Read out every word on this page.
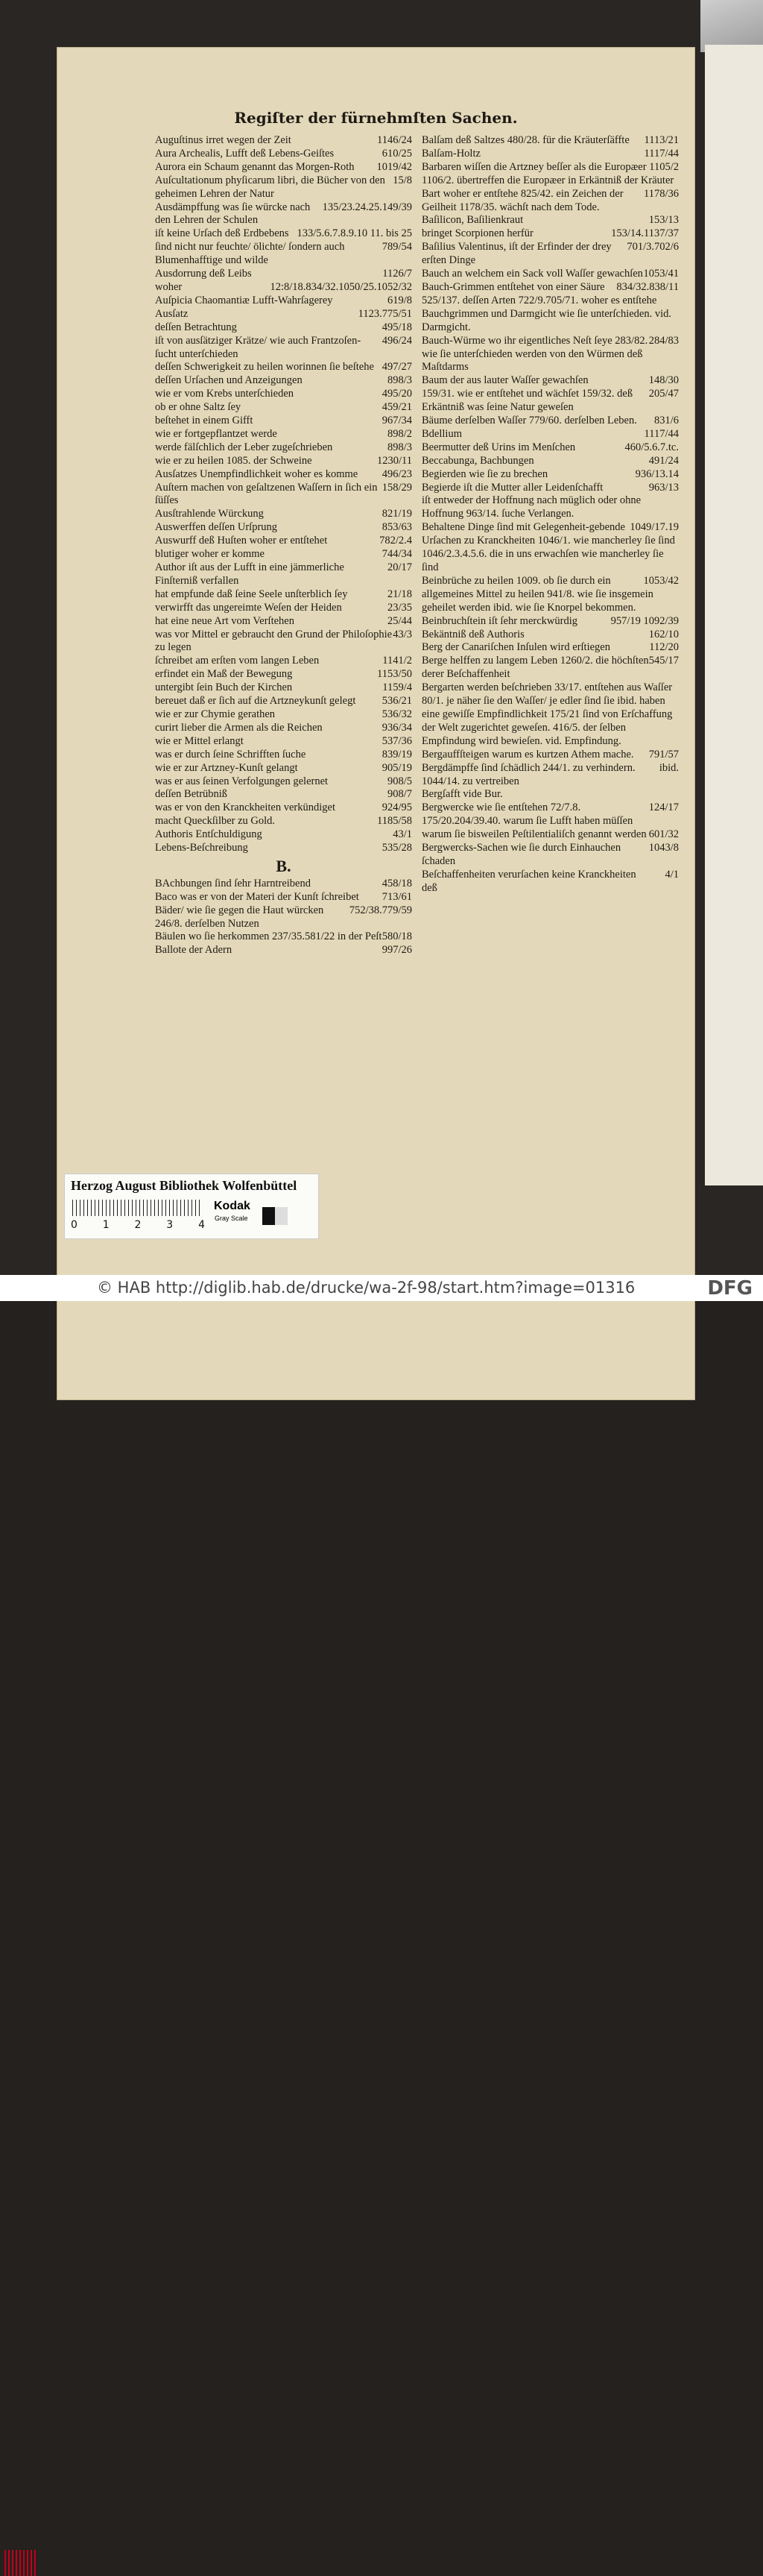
Regiſter der fürnehmſten Sachen.
1146/24
Auguſtinus irret wegen der Zeit
610/25
Aura Archealis, Lufft deß Lebens-Geiſtes
1019/42
Aurora ein Schaum genannt das Morgen-Roth
15/8
Auſcultationum phyſicarum libri, die Bücher von den geheimen Lehren der Natur
135/23.24.25.149/39
Ausdämpffung was ſie würcke nach den Lehren der Schulen
133/5.6.7.8.9.10 11. bis 25
iſt keine Urſach deß Erdbebens
789/54
ſind nicht nur feuchte/ ölichte/ ſondern auch Blumenhafftige und wilde
1126/7
Ausdorrung deß Leibs
12:8/18.834/32.1050/25.1052/32
woher
619/8
Auſpicia Chaomantiæ Lufft-Wahrſagerey
1123.775/51
Ausſatz
495/18
deſſen Betrachtung
496/24
iſt von ausſätziger Krätze/ wie auch Frantzoſen-ſucht unterſchieden
497/27
deſſen Schwerigkeit zu heilen worinnen ſie beſtehe
898/3
deſſen Urſachen und Anzeigungen
495/20
wie er vom Krebs unterſchieden
459/21
ob er ohne Saltz ſey
967/34
beſtehet in einem Gifft
898/2
wie er fortgepflantzet werde
898/3
werde fälſchlich der Leber zugeſchrieben
1230/11
wie er zu heilen 1085. der Schweine
496/23
Ausſatzes Unempfindlichkeit woher es komme
158/29
Auſtern machen von geſaltzenen Waſſern in ſich ein ſüſſes
821/19
Ausſtrahlende Würckung
853/63
Auswerffen deſſen Urſprung
782/2.4
Auswurff deß Huſten woher er entſtehet
744/34
blutiger woher er komme
20/17
Author iſt aus der Lufft in eine jämmerliche Finſterniß verfallen
21/18
hat empfunde daß ſeine Seele unſterblich ſey
23/35
verwirfft das ungereimte Weſen der Heiden
25/44
hat eine neue Art vom Verſtehen
43/3
was vor Mittel er gebraucht den Grund der Philoſophie zu legen
1141/2
ſchreibet am erſten vom langen Leben
1153/50
erfindet ein Maß der Bewegung
1159/4
untergibt ſein Buch der Kirchen
536/21
bereuet daß er ſich auf die Artzneykunſt gelegt
536/32
wie er zur Chymie gerathen
936/34
curirt lieber die Armen als die Reichen
537/36
wie er Mittel erlangt
839/19
was er durch ſeine Schrifften ſuche
905/19
wie er zur Artzney-Kunſt gelangt
908/5
was er aus ſeinen Verfolgungen gelernet
908/7
deſſen Betrübniß
924/95
was er von den Kranckheiten verkündiget
1185/58
macht Queckſilber zu Gold.
43/1
Authoris Entſchuldigung
535/28
Lebens-Beſchreibung
B.
458/18
BAchbungen ſind ſehr Harntreibend
713/61
Baco was er von der Materi der Kunſt ſchreibet
752/38.779/59
Bäder/ wie ſie gegen die Haut würcken 246/8. derſelben Nutzen
580/18
Bäulen wo ſie herkommen 237/35.581/22 in der Peſt
997/26
Ballote der Adern
1113/21
Balſam deß Saltzes 480/28. für die Kräuterſäffte
1117/44
Balſam-Holtz
1105/2
Barbaren wiſſen die Artzney beſſer als die Europæer 1106/2. übertreffen die Europæer in Erkäntniß der Kräuter
1178/36
Bart woher er entſtehe 825/42. ein Zeichen der Geilheit 1178/35. wächſt nach dem Tode.
153/13
Baſilicon, Baſilienkraut
153/14.1137/37
bringet Scorpionen herfür
701/3.702/6
Baſilius Valentinus, iſt der Erfinder der drey erſten Dinge
1053/41
Bauch an welchem ein Sack voll Waſſer gewachſen
834/32.838/11
Bauch-Grimmen entſtehet von einer Säure 525/137. deſſen Arten 722/9.705/71. woher es entſtehe
Bauchgrimmen und Darmgicht wie ſie unterſchieden. vid. Darmgicht.
284/83
Bauch-Würme wo ihr eigentliches Neſt ſeye 283/82. wie ſie unterſchieden werden von den Würmen deß Maſtdarms
148/30
Baum der aus lauter Waſſer gewachſen
205/47
159/31. wie er entſtehet und wächſet 159/32. deß Erkäntniß was ſeine Natur geweſen
831/6
Bäume derſelben Waſſer 779/60. derſelben Leben.
1117/44
Bdellium
460/5.6.7.tc.
Beermutter deß Urins im Menſchen
491/24
Beccabunga, Bachbungen
936/13.14
Begierden wie ſie zu brechen
963/13
Begierde iſt die Mutter aller Leidenſchafft
iſt entweder der Hoffnung nach müglich oder ohne Hoffnung 963/14. ſuche Verlangen.
1049/17.19
Behaltene Dinge ſind mit Gelegenheit-gebende Urſachen zu Kranckheiten 1046/1. wie mancherley ſie ſind 1046/2.3.4.5.6. die in uns erwachſen wie mancherley ſie ſind
1053/42
Beinbrüche zu heilen 1009. ob ſie durch ein allgemeines Mittel zu heilen 941/8. wie ſie insgemein geheilet werden ibid. wie ſie Knorpel bekommen.
957/19 1092/39
Beinbruchſtein iſt ſehr merckwürdig
162/10
Bekäntniß deß Authoris
112/20
Berg der Canariſchen Inſulen wird erſtiegen
545/17
Berge helffen zu langem Leben 1260/2. die höchſten derer Beſchaffenheit
Bergarten werden beſchrieben 33/17. entſtehen aus Waſſer 80/1. je näher ſie den Waſſer/ je edler ſind ſie ibid. haben eine gewiſſe Empfindlichkeit 175/21 ſind von Erſchaffung der Welt zugerichtet geweſen. 416/5. der ſelben Empfindung wird bewieſen. vid. Empfindung.
791/57
Bergauffſteigen warum es kurtzen Athem mache.
ibid.
Bergdämpffe ſind ſchädlich 244/1. zu verhindern. 1044/14. zu vertreiben
Bergſafft vide Bur.
124/17
Bergwercke wie ſie entſtehen 72/7.8. 175/20.204/39.40. warum ſie Lufft haben müſſen
601/32
warum ſie bisweilen Peſtilentialiſch genannt werden
1043/8
Bergwercks-Sachen wie ſie durch Einhauchen ſchaden
4/1
Beſchaffenheiten verurſachen keine Kranckheiten
deß
Herzog August Bibliothek Wolfenbüttel
0 1 2 3 4
Kodak
Gray Scale
© HAB http://diglib.hab.de/drucke/wa-2f-98/start.htm?image=01316	DFG
